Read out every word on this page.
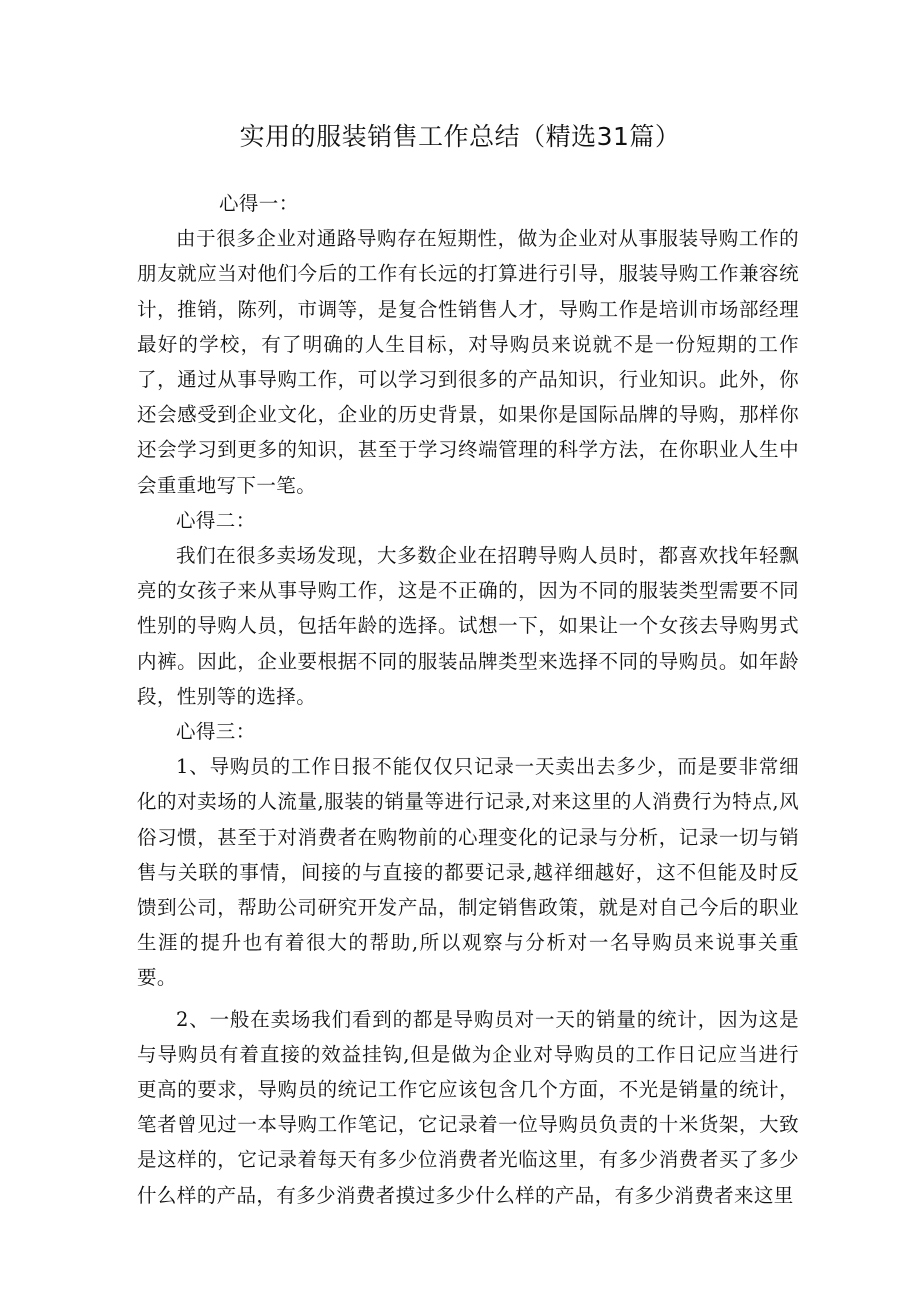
实用的服装销售工作总结（精选31篇）

心得一：

由于很多企业对通路导购存在短期性，做为企业对从事服装导购工作的朋友就应当对他们今后的工作有长远的打算进行引导，服装导购工作兼容统计，推销，陈列，市调等，是复合性销售人才，导购工作是培训市场部经理最好的学校，有了明确的人生目标，对导购员来说就不是一份短期的工作了，通过从事导购工作，可以学习到很多的产品知识，行业知识。此外，你还会感受到企业文化，企业的历史背景，如果你是国际品牌的导购，那样你还会学习到更多的知识，甚至于学习终端管理的科学方法，在你职业人生中会重重地写下一笔。

心得二：

我们在很多卖场发现，大多数企业在招聘导购人员时，都喜欢找年轻飘亮的女孩子来从事导购工作，这是不正确的，因为不同的服装类型需要不同性别的导购人员，包括年龄的选择。试想一下，如果让一个女孩去导购男式内裤。因此，企业要根据不同的服装品牌类型来选择不同的导购员。如年龄段，性别等的选择。

心得三：

1、导购员的工作日报不能仅仅只记录一天卖出去多少，而是要非常细化的对卖场的人流量,服装的销量等进行记录,对来这里的人消费行为特点,风俗习惯，甚至于对消费者在购物前的心理变化的记录与分析，记录一切与销售与关联的事情，间接的与直接的都要记录,越祥细越好，这不但能及时反馈到公司，帮助公司研究开发产品，制定销售政策，就是对自己今后的职业生涯的提升也有着很大的帮助,所以观察与分析对一名导购员来说事关重要。

2、一般在卖场我们看到的都是导购员对一天的销量的统计，因为这是与导购员有着直接的效益挂钩,但是做为企业对导购员的工作日记应当进行更高的要求，导购员的统记工作它应该包含几个方面，不光是销量的统计，笔者曾见过一本导购工作笔记，它记录着一位导购员负责的十米货架，大致是这样的，它记录着每天有多少位消费者光临这里，有多少消费者买了多少什么样的产品，有多少消费者摸过多少什么样的产品，有多少消费者来这里
